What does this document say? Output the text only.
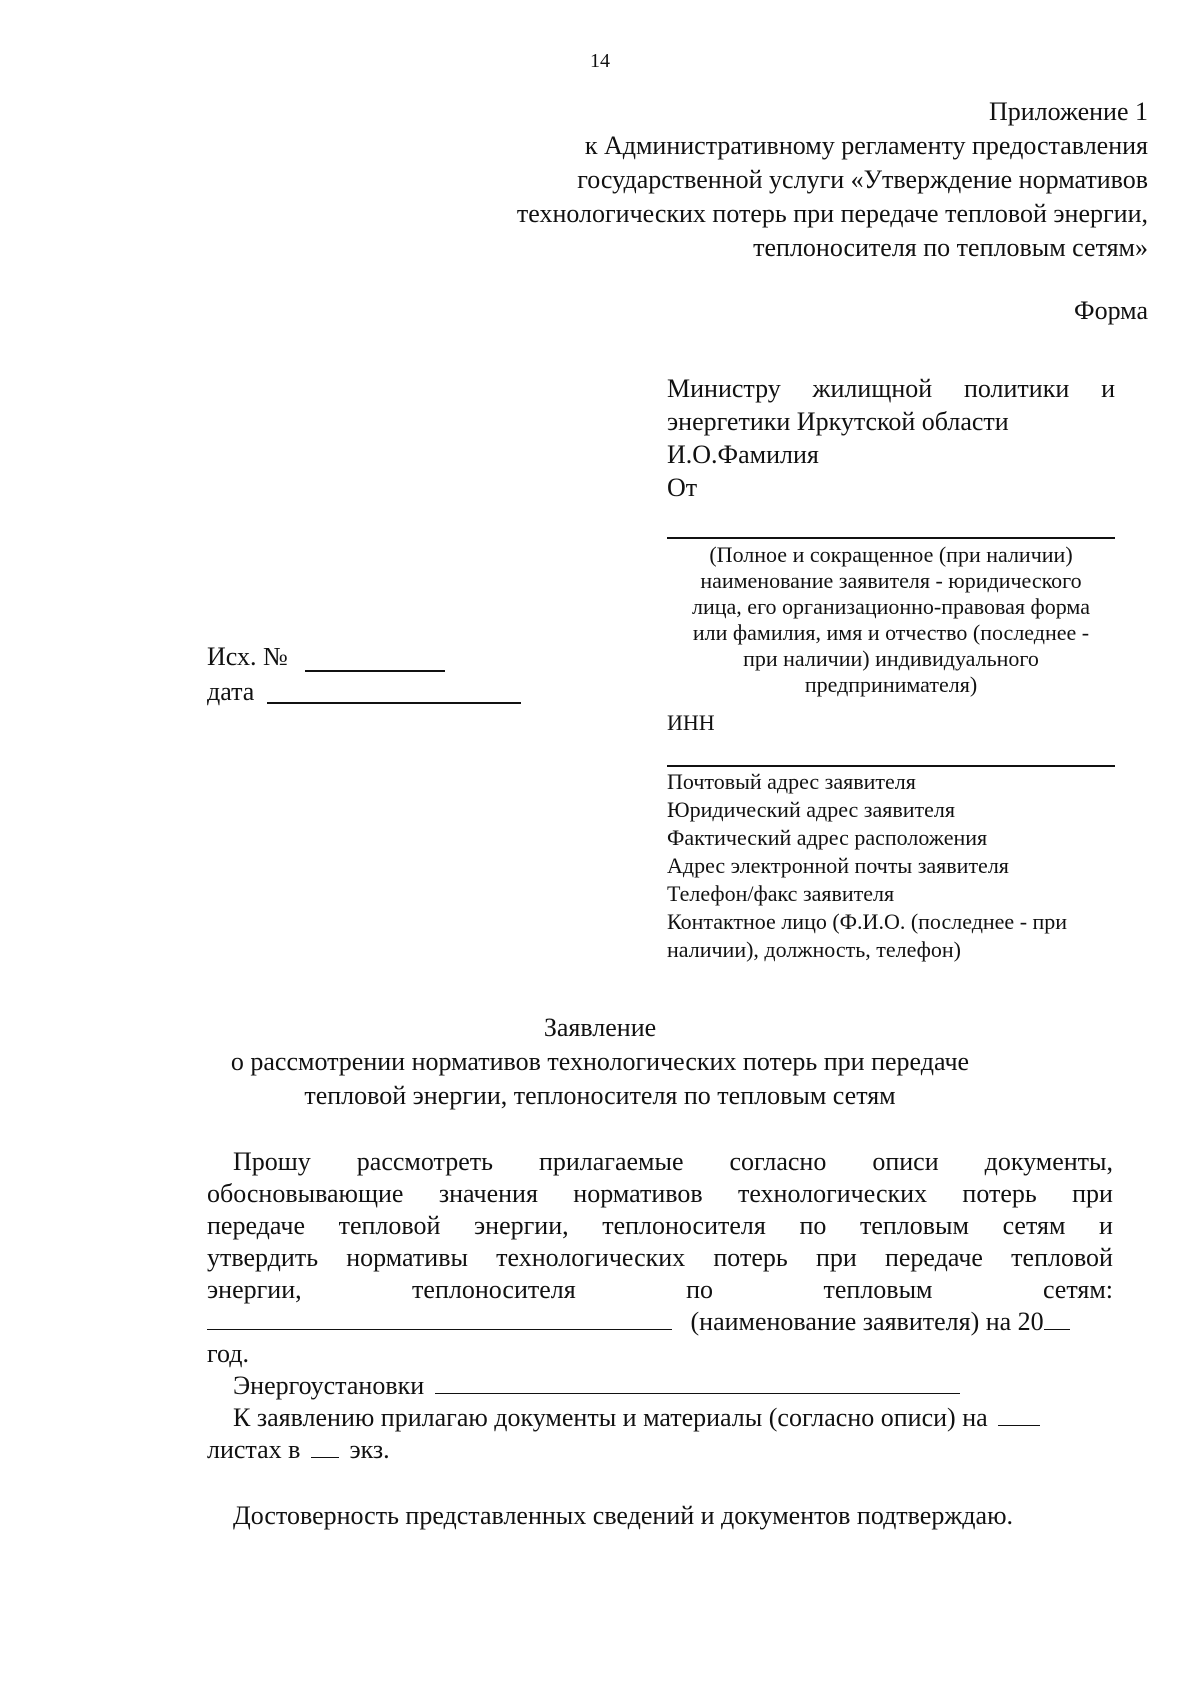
14
Приложение 1
к Административному регламенту предоставления
государственной услуги «Утверждение нормативов
технологических потерь при передаче тепловой энергии,
теплоносителя по тепловым сетям»
Форма
Министру жилищной политики и
энергетики Иркутской области
И.О.Фамилия
От
(Полное и сокращенное (при наличии)
наименование заявителя - юридического
лица, его организационно-правовая форма
или фамилия, имя и отчество (последнее -
при наличии) индивидуального
предпринимателя)
ИНН
Почтовый адрес заявителя
Юридический адрес заявителя
Фактический адрес расположения
Адрес электронной почты заявителя
Телефон/факс заявителя
Контактное лицо (Ф.И.О. (последнее - при
наличии), должность, телефон)
Исх. №
дата
Заявление
о рассмотрении нормативов технологических потерь при передаче
тепловой энергии, теплоносителя по тепловым сетям
Прошу рассмотреть прилагаемые согласно описи документы,
обосновывающие значения нормативов технологических потерь при
передаче тепловой энергии, теплоносителя по тепловым сетям и
утвердить нормативы технологических потерь при передаче тепловой
энергии,	теплоносителя	по	тепловым	сетям:
(наименование заявителя) на 20
год.
Энергоустановки
К заявлению прилагаю документы и материалы (согласно описи) на
листах в экз.
Достоверность представленных сведений и документов подтверждаю.
